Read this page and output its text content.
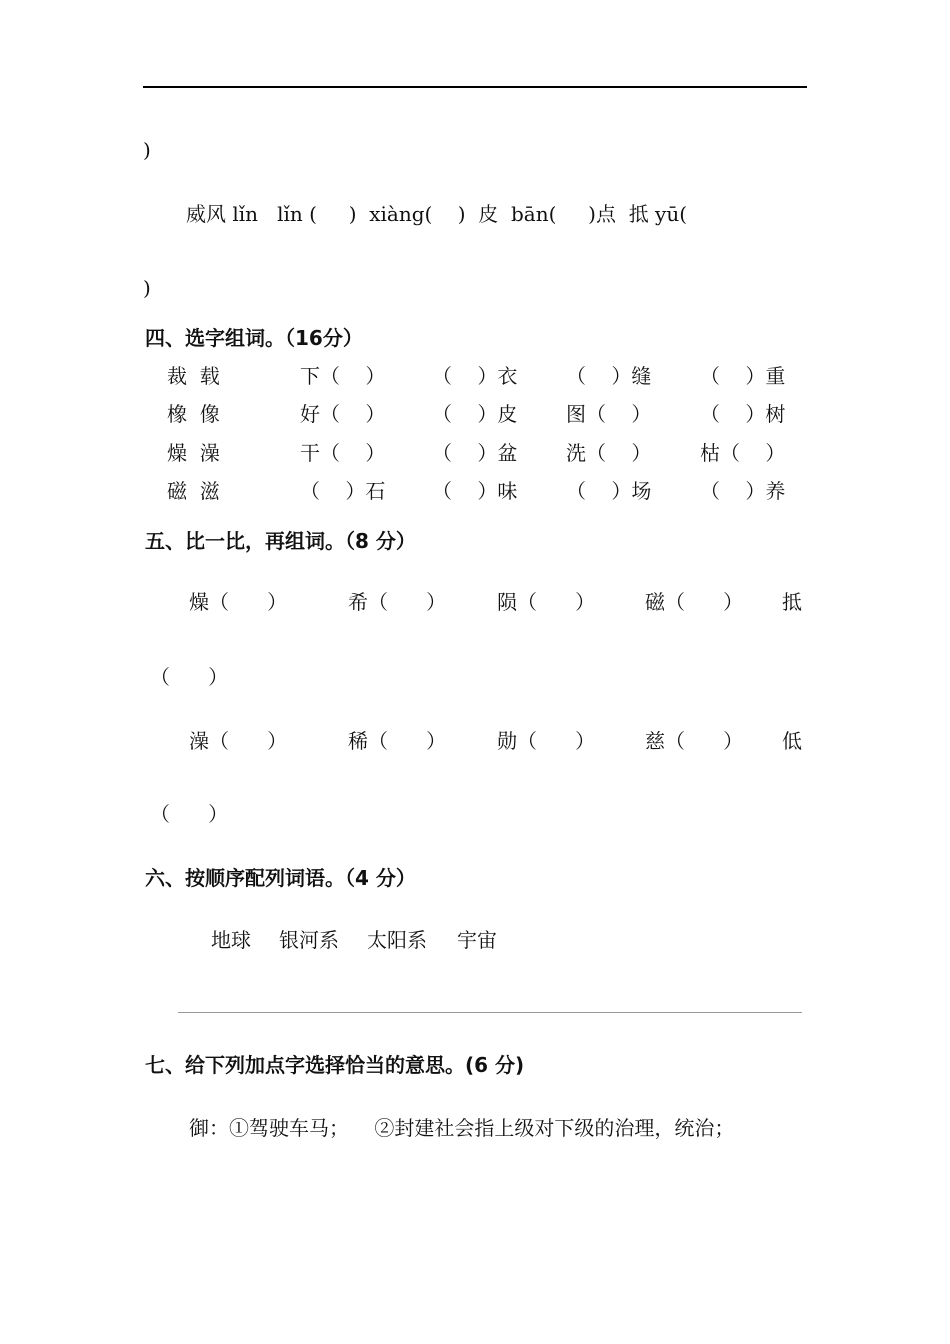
)
威风 lǐn   lǐn (     )  xiàng(    )  皮  bān(     )点  抵 yū(
)
四、选字组词。（16分）
裁  载	下（    ） （    ）衣 （    ）缝 （    ）重
橡  像	好（    ） （    ）皮 图（    ） （    ）树
燥  澡	干（    ） （    ）盆 洗（    ） 枯（    ）
磁  滋	（    ）石 （    ）味 （    ）场 （    ）养
五、比一比，再组词。（8 分）
燥（      ）	希（      ）	陨（      ） 磁（      ） 抵
（      ）
澡（      ）	稀（      ）	勋（      ） 慈（      ） 低
（      ）
六、按顺序配列词语。（4 分）
地球 银河系 太阳系 宇宙
七、给下列加点字选择恰当的意思。(6 分)
御：①驾驶车马；    ②封建社会指上级对下级的治理，统治；
